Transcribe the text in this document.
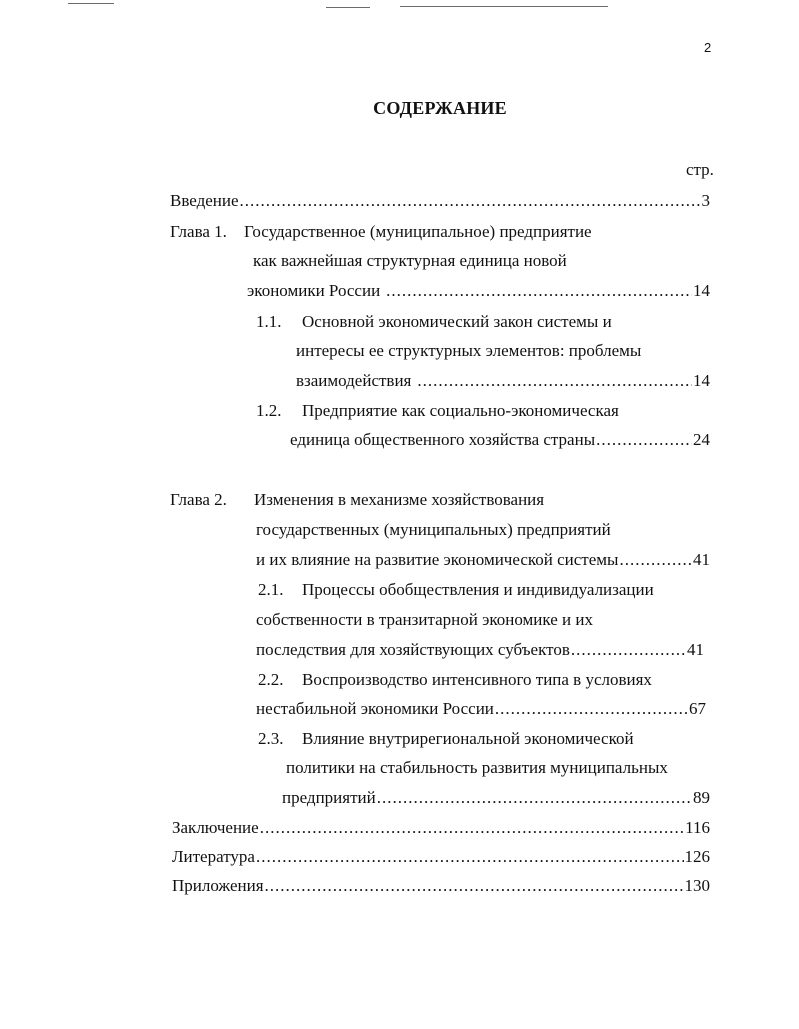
2
СОДЕРЖАНИЕ
стр.
Введение .....	3
Глава 1. Государственное (муниципальное) предприятие
как важнейшая структурная единица новой
экономики России .....	14
1.1. Основной экономический закон системы и
интересы ее структурных элементов: проблемы
взаимодействия .....	14
1.2. Предприятие как социально-экономическая
единица общественного хозяйства страны .....	24
Глава 2. Изменения в механизме хозяйствования
государственных (муниципальных) предприятий
и их влияние на развитие экономической системы .....	41
2.1. Процессы обобществления и индивидуализации
собственности в транзитарной экономике и их
последствия для хозяйствующих субъектов .....	41
2.2. Воспроизводство интенсивного типа в условиях
нестабильной экономики России .....	67
2.3. Влияние внутрирегиональной экономической
политики на стабильность развития муниципальных
предприятий .....	89
Заключение .....	116
Литература .....	126
Приложения .....	130
